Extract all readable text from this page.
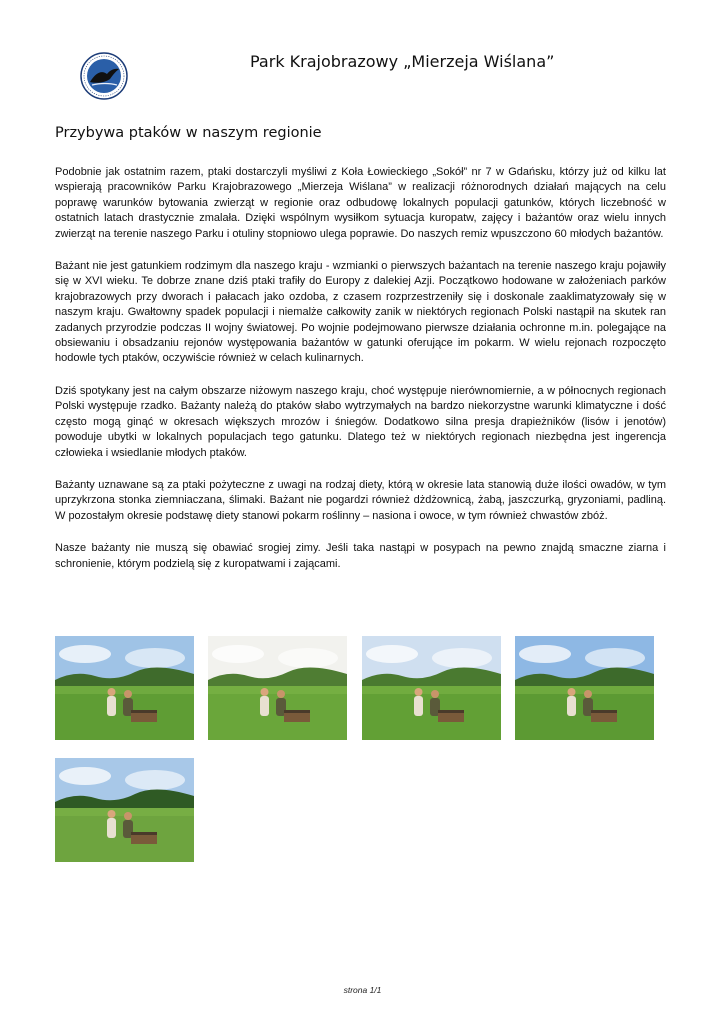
Park Krajobrazowy „Mierzeja Wiślana”
Przybywa ptaków w naszym regionie

Podobnie jak ostatnim razem, ptaki dostarczyli myśliwi z Koła Łowieckiego „Sokół” nr 7 w Gdańsku, którzy już od kilku lat wspierają pracowników Parku Krajobrazowego „Mierzeja Wiślana” w realizacji różnorodnych działań mających na celu poprawę warunków bytowania zwierząt w regionie oraz odbudowę lokalnych populacji gatunków, których liczebność w ostatnich latach drastycznie zmalała. Dzięki wspólnym wysiłkom sytuacja kuropatw, zajęcy i bażantów oraz wielu innych zwierząt na terenie naszego Parku i otuliny stopniowo ulega poprawie. Do naszych remiz wpuszczono 60 młodych bażantów.

Bażant nie jest gatunkiem rodzimym dla naszego kraju - wzmianki o pierwszych bażantach na terenie naszego kraju pojawiły się w XVI wieku. Te dobrze znane dziś ptaki trafiły do Europy z dalekiej Azji. Początkowo hodowane w założeniach parków krajobrazowych przy dworach i pałacach jako ozdoba, z czasem rozprzestrzeniły się i doskonale zaaklimatyzowały się w naszym kraju. Gwałtowny spadek populacji i niemalże całkowity zanik w niektórych regionach Polski nastąpił na skutek ran zadanych przyrodzie podczas II wojny światowej. Po wojnie podejmowano pierwsze działania ochronne m.in. polegające na obsiewaniu i obsadzaniu rejonów występowania bażantów w gatunki oferujące im pokarm. W wielu rejonach rozpoczęto hodowle tych ptaków, oczywiście również w celach kulinarnych.

Dziś spotykany jest na całym obszarze niżowym naszego kraju, choć występuje nierównomiernie, a w północnych regionach Polski występuje rzadko. Bażanty należą do ptaków słabo wytrzymałych na bardzo niekorzystne warunki klimatyczne i dość często mogą ginąć w okresach większych mrozów i śniegów. Dodatkowo silna presja drapieżników (lisów i jenotów) powoduje ubytki w lokalnych populacjach tego gatunku. Dlatego też w niektórych regionach niezbędna jest ingerencja człowieka i wsiedlanie młodych ptaków.

Bażanty uznawane są za ptaki pożyteczne z uwagi na rodzaj diety, którą w okresie lata stanowią duże ilości owadów, w tym uprzykrzona stonka ziemniaczana, ślimaki. Bażant nie pogardzi również dżdżownicą, żabą, jaszczurką, gryzoniami, padliną. W pozostałym okresie podstawę diety stanowi pokarm roślinny – nasiona i owoce, w tym również chwastów zbóż.

Nasze bażanty nie muszą się obawiać srogiej zimy. Jeśli taka nastąpi w posypach na pewno znajdą smaczne ziarna i schronienie, którym podzielą się z kuropatwami i zającami.

strona 1/1
